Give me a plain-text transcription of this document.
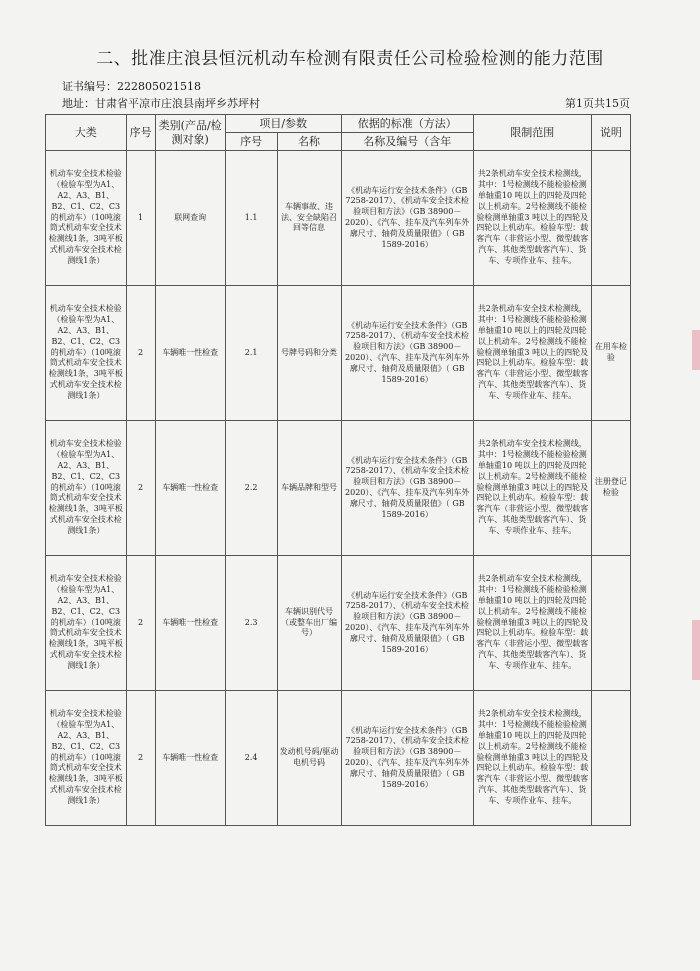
二、批准庄浪县恒沅机动车检测有限责任公司检验检测的能力范围
证书编号：222805021518
地址：甘肃省平凉市庄浪县南坪乡苏坪村	第1页共15页
大类	序号	类别(产品/检测对象)	项目/参数		依据的标准（方法）	限制范围	说明
			序号	名称	名称及编号（含年		
机动车安全技术检验（检验车型为A1、A2、A3、B1、B2、C1、C2、C3的机动车）（10吨滚筒式机动车安全技术检测线1条，3吨平板式机动车安全技术检测线1条）	1	联网查询	1.1	车辆事故、违法、安全缺陷召回等信息	《机动车运行安全技术条件》（GB 7258-2017）、《机动车安全技术检验项目和方法》（GB 38900－2020）、《汽车、挂车及汽车列车外廓尺寸、轴荷及质量限值》（ GB 1589-2016）	共2条机动车安全技术检测线，其中：1号检测线不能检验检测单轴重10 吨以上的四轮及四轮以上机动车。2号检测线不能检验检测单轴重3 吨以上的四轮及四轮以上机动车。检验车型：载客汽车（非营运小型、微型载客汽车、其他类型载客汽车）、货车、专项作业车、挂车。	
机动车安全技术检验（检验车型为A1、A2、A3、B1、B2、C1、C2、C3的机动车）（10吨滚筒式机动车安全技术检测线1条，3吨平板式机动车安全技术检测线1条）	2	车辆唯一性检查	2.1	号牌号码和分类	《机动车运行安全技术条件》（GB 7258-2017）、《机动车安全技术检验项目和方法》（GB 38900－2020）、《汽车、挂车及汽车列车外廓尺寸、轴荷及质量限值》（ GB 1589-2016）	共2条机动车安全技术检测线，其中：1号检测线不能检验检测单轴重10 吨以上的四轮及四轮以上机动车。2号检测线不能检验检测单轴重3 吨以上的四轮及四轮以上机动车。检验车型：载客汽车（非营运小型、微型载客汽车、其他类型载客汽车）、货车、专项作业车、挂车。	在用车检验
机动车安全技术检验（检验车型为A1、A2、A3、B1、B2、C1、C2、C3的机动车）（10吨滚筒式机动车安全技术检测线1条，3吨平板式机动车安全技术检测线1条）	2	车辆唯一性检查	2.2	车辆品牌和型号	《机动车运行安全技术条件》（GB 7258-2017）、《机动车安全技术检验项目和方法》（GB 38900－2020）、《汽车、挂车及汽车列车外廓尺寸、轴荷及质量限值》（ GB 1589-2016）	共2条机动车安全技术检测线，其中：1号检测线不能检验检测单轴重10 吨以上的四轮及四轮以上机动车。2号检测线不能检验检测单轴重3 吨以上的四轮及四轮以上机动车。检验车型：载客汽车（非营运小型、微型载客汽车、其他类型载客汽车）、货车、专项作业车、挂车。	注册登记检验
机动车安全技术检验（检验车型为A1、A2、A3、B1、B2、C1、C2、C3的机动车）（10吨滚筒式机动车安全技术检测线1条，3吨平板式机动车安全技术检测线1条）	2	车辆唯一性检查	2.3	车辆识别代号（或整车出厂编号）	《机动车运行安全技术条件》（GB 7258-2017）、《机动车安全技术检验项目和方法》（GB 38900－2020）、《汽车、挂车及汽车列车外廓尺寸、轴荷及质量限值》（ GB 1589-2016）	共2条机动车安全技术检测线，其中：1号检测线不能检验检测单轴重10 吨以上的四轮及四轮以上机动车。2号检测线不能检验检测单轴重3 吨以上的四轮及四轮以上机动车。检验车型：载客汽车（非营运小型、微型载客汽车、其他类型载客汽车）、货车、专项作业车、挂车。	
机动车安全技术检验（检验车型为A1、A2、A3、B1、B2、C1、C2、C3的机动车）（10吨滚筒式机动车安全技术检测线1条，3吨平板式机动车安全技术检测线1条）	2	车辆唯一性检查	2.4	发动机号码/驱动电机号码	《机动车运行安全技术条件》（GB 7258-2017）、《机动车安全技术检验项目和方法》（GB 38900－2020）、《汽车、挂车及汽车列车外廓尺寸、轴荷及质量限值》（ GB 1589-2016）	共2条机动车安全技术检测线，其中：1号检测线不能检验检测单轴重10 吨以上的四轮及四轮以上机动车。2号检测线不能检验检测单轴重3 吨以上的四轮及四轮以上机动车。检验车型：载客汽车（非营运小型、微型载客汽车、其他类型载客汽车）、货车、专项作业车、挂车。	
